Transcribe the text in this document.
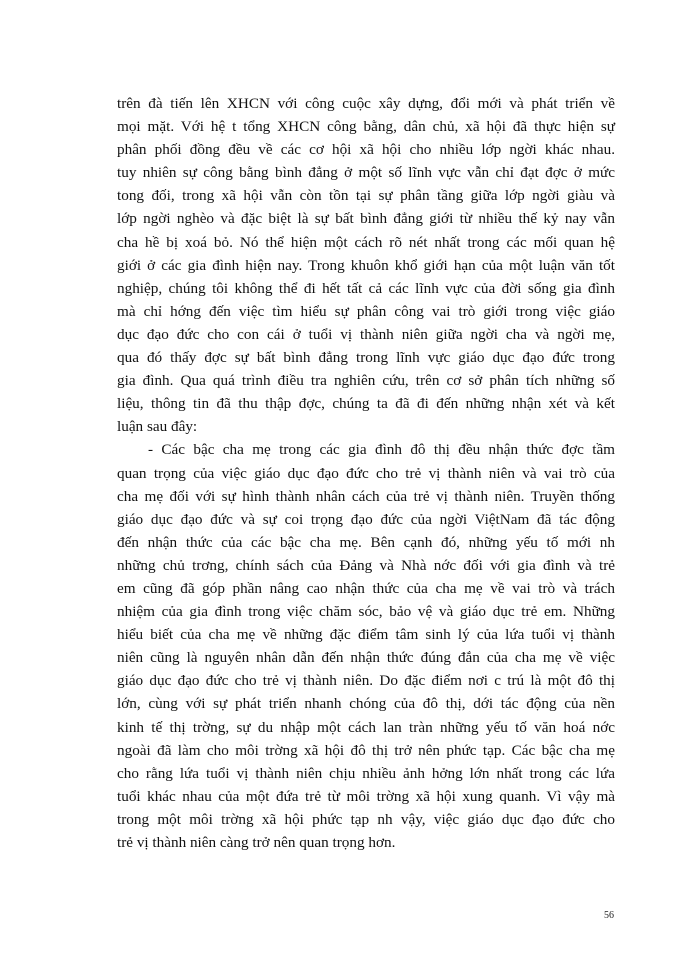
trên đà tiến lên XHCN với công cuộc xây dựng, đổi mới và phát triển về
mọi mặt. Với hệ t tổng XHCN công bằng, dân chủ, xã hội đã thực hiện sự
phân phối đồng đều về các cơ hội xã hội cho nhiều lớp ngời khác nhau.
tuy nhiên sự công bằng bình đẳng ở một số lĩnh vực vẫn chỉ đạt đợc ở mức
tong đối, trong xã hội vẫn còn tồn tại sự phân tầng giữa lớp ngời giàu và
lớp ngời nghèo và đặc biệt là sự bất bình đẳng giới từ nhiều thế kỷ nay vẫn
cha hề bị xoá bỏ. Nó thể hiện một cách rõ nét nhất trong các mối quan hệ
giới ở các gia đình hiện nay. Trong khuôn khổ giới hạn của một luận văn tốt
nghiệp, chúng tôi không thể đi hết tất cả các lĩnh vực của đời sống gia đình
mà chỉ hớng đến việc tìm hiểu sự phân công vai trò giới trong việc giáo
dục đạo đức cho con cái ở tuổi vị thành niên giữa ngời cha và ngời mẹ,
qua đó thấy đợc sự bất bình đẳng trong lĩnh vực giáo dục đạo đức trong
gia đình. Qua quá trình điều tra nghiên cứu, trên cơ sở phân tích những số
liệu, thông tin đã thu thập đợc, chúng ta đã đi đến những nhận xét và kết
luận sau đây:
- Các bậc cha mẹ trong các gia đình đô thị đều nhận thức đợc tầm
quan trọng của việc giáo dục đạo đức cho trẻ vị thành niên và vai trò của
cha mẹ đối với sự hình thành nhân cách của trẻ vị thành niên. Truyền thống
giáo dục đạo đức và sự coi trọng đạo đức của ngời ViệtNam đã tác động
đến nhận thức của các bậc cha mẹ. Bên cạnh đó, những yếu tố mới nh
những chủ trơng, chính sách của Đảng và Nhà nớc đối với gia đình và trẻ
em cũng đã góp phần nâng cao nhận thức của cha mẹ về vai trò và trách
nhiệm của gia đình trong việc chăm sóc, bảo vệ và giáo dục trẻ em. Những
hiểu biết của cha mẹ về những đặc điểm tâm sinh lý của lứa tuổi vị thành
niên cũng là nguyên nhân dẫn đến nhận thức đúng đắn của cha mẹ về việc
giáo dục đạo đức cho trẻ vị thành niên. Do đặc điểm nơi c trú là một đô thị
lớn, cùng với sự phát triển nhanh chóng của đô thị, dới tác động của nền
kinh tế thị trờng, sự du nhập một cách lan tràn những yếu tố văn hoá nớc
ngoài đã làm cho môi trờng xã hội đô thị trở nên phức tạp. Các bậc cha mẹ
cho rằng lứa tuổi vị thành niên chịu nhiều ảnh hởng lớn nhất trong các lứa
tuổi khác nhau của một đứa trẻ từ môi trờng xã hội xung quanh. Vì vậy mà
trong một môi trờng xã hội phức tạp nh vậy, việc giáo dục đạo đức cho
trẻ vị thành niên càng trở nên quan trọng hơn.
56
